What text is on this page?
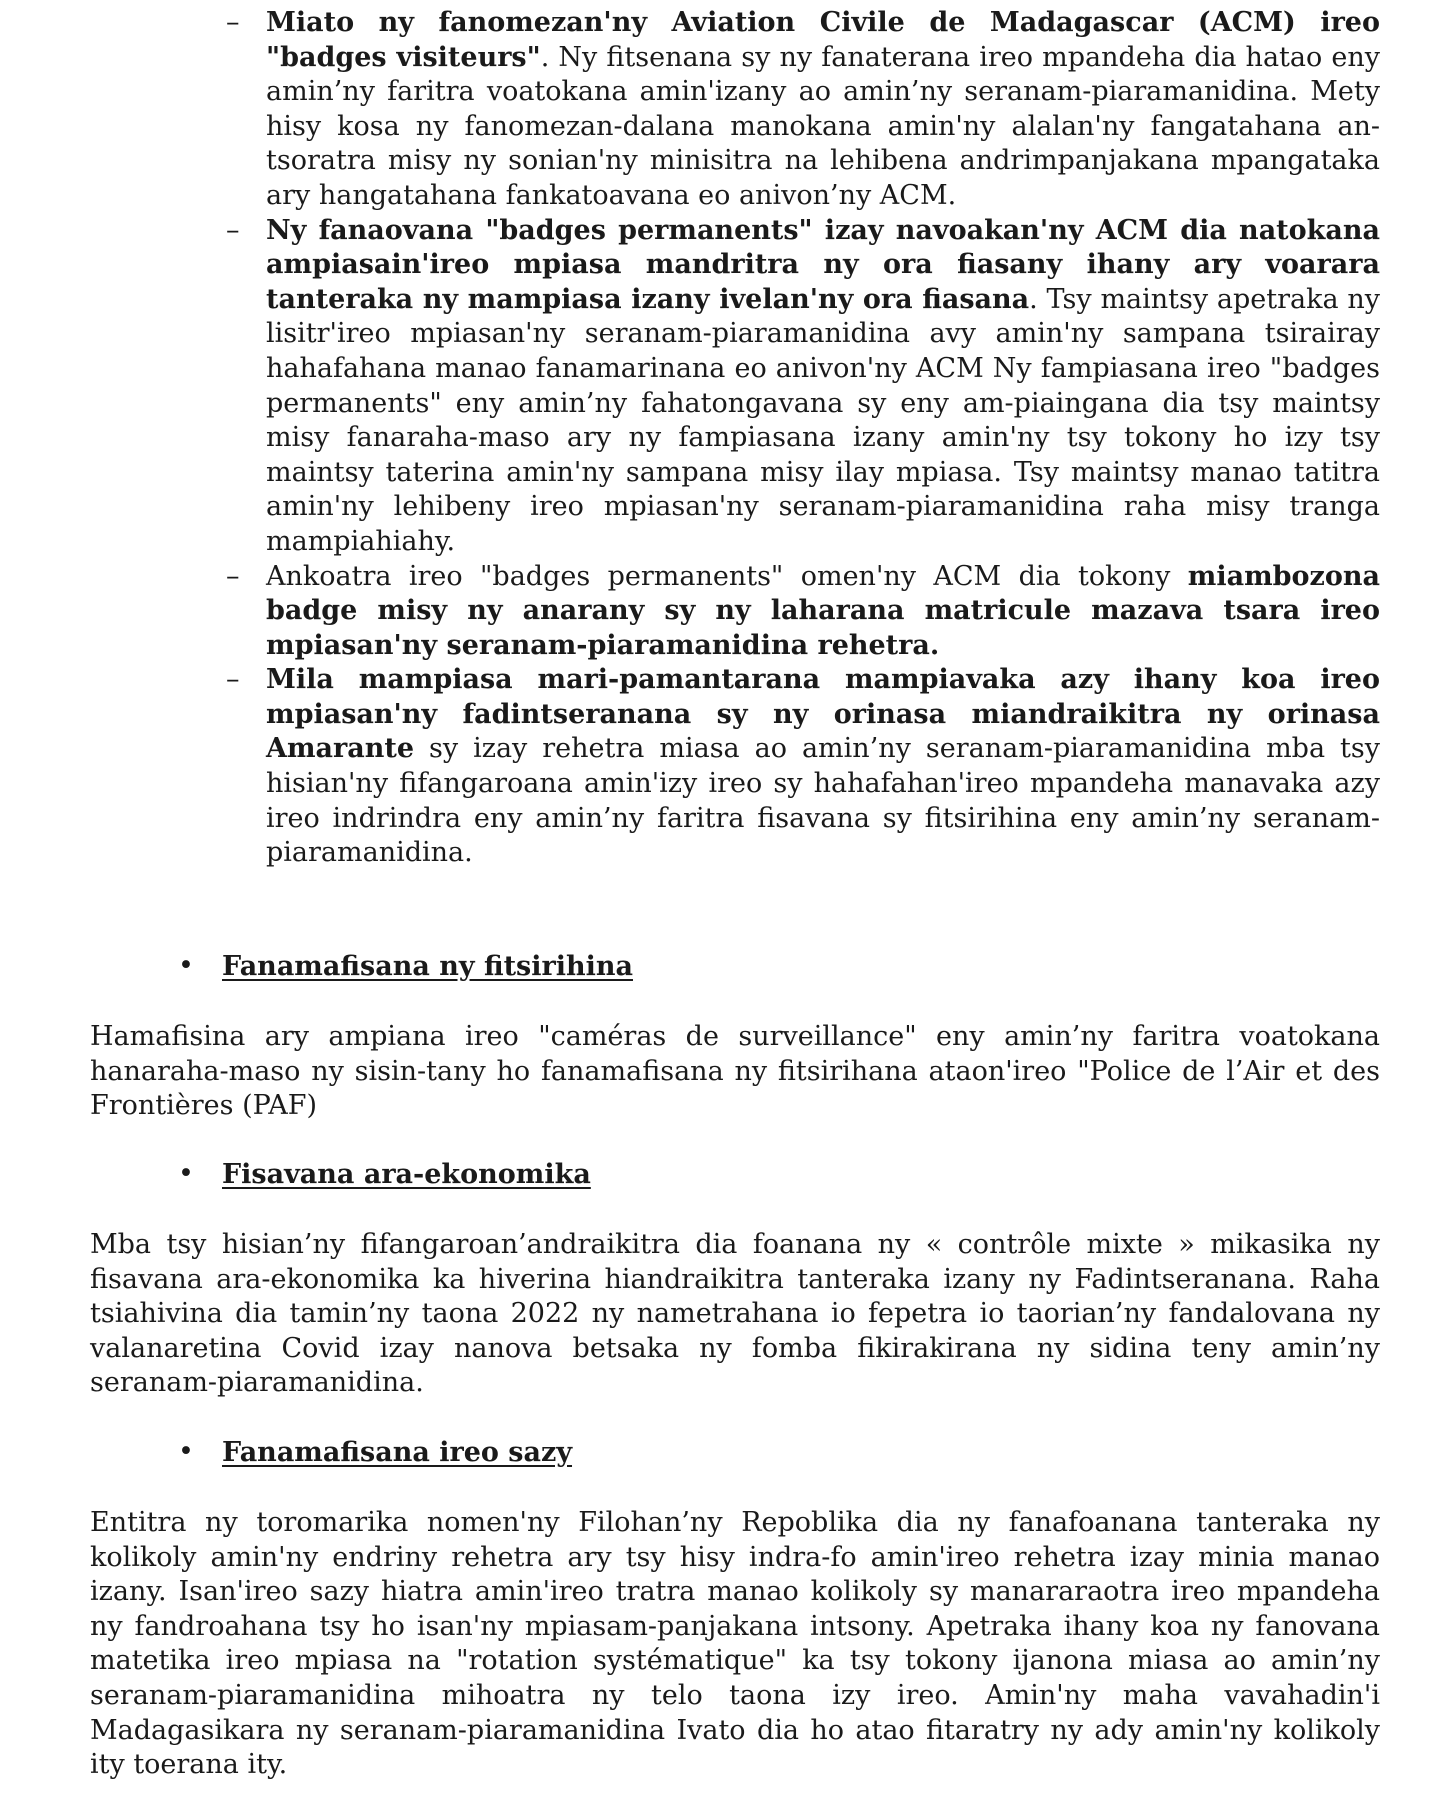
– Miato ny fanomezan'ny Aviation Civile de Madagascar (ACM) ireo "badges visiteurs". Ny fitsenana sy ny fanaterana ireo mpandeha dia hatao eny amin’ny faritra voatokana amin'izany ao amin’ny seranam-piaramanidina. Mety hisy kosa ny fanomezan-dalana manokana amin'ny alalan'ny fangatahana an-tsoratra misy ny sonian'ny minisitra na lehibena andrimpanjakana mpangataka ary hangatahana fankatoavana eo anivon’ny ACM.
– Ny fanaovana "badges permanents" izay navoakan'ny ACM dia natokana ampiasain'ireo mpiasa mandritra ny ora fiasany ihany ary voarara tanteraka ny mampiasa izany ivelan'ny ora fiasana. Tsy maintsy apetraka ny lisitr'ireo mpiasan'ny seranam-piaramanidina avy amin'ny sampana tsirairay hahafahana manao fanamarinana eo anivon'ny ACM Ny fampiasana ireo "badges permanents" eny amin’ny fahatongavana sy eny am-piaingana dia tsy maintsy misy fanaraha-maso ary ny fampiasana izany amin'ny tsy tokony ho izy tsy maintsy taterina amin'ny sampana misy ilay mpiasa. Tsy maintsy manao tatitra amin'ny lehibeny ireo mpiasan'ny seranam-piaramanidina raha misy tranga mampiahiahy.
– Ankoatra ireo "badges permanents" omen'ny ACM dia tokony miambozona badge misy ny anarany sy ny laharana matricule mazava tsara ireo mpiasan'ny seranam-piaramanidina rehetra.
– Mila mampiasa mari-pamantarana mampiavaka azy ihany koa ireo mpiasan'ny fadintseranana sy ny orinasa miandraikitra ny orinasa Amarante sy izay rehetra miasa ao amin’ny seranam-piaramanidina mba tsy hisian'ny fifangaroana amin'izy ireo sy hahafahan'ireo mpandeha manavaka azy ireo indrindra eny amin’ny faritra fisavana sy fitsirihina eny amin’ny seranam-piaramanidina.
• Fanamafisana ny fitsirihina

Hamafisina ary ampiana ireo "caméras de surveillance" eny amin’ny faritra voatokana hanaraha-maso ny sisin-tany ho fanamafisana ny fitsirihana ataon'ireo "Police de l’Air et des Frontières (PAF)

• Fisavana ara-ekonomika

Mba tsy hisian’ny fifangaroan’andraikitra dia foanana ny « contrôle mixte » mikasika ny fisavana ara-ekonomika ka hiverina hiandraikitra tanteraka izany ny Fadintseranana. Raha tsiahivina dia tamin’ny taona 2022 ny nametrahana io fepetra io taorian’ny fandalovana ny valanaretina Covid izay nanova betsaka ny fomba fikirakirana ny sidina teny amin’ny seranam-piaramanidina.

• Fanamafisana ireo sazy

Entitra ny toromarika nomen'ny Filohan’ny Repoblika dia ny fanafoanana tanteraka ny kolikoly amin'ny endriny rehetra ary tsy hisy indra-fo amin'ireo rehetra izay minia manao izany. Isan'ireo sazy hiatra amin'ireo tratra manao kolikoly sy manararaotra ireo mpandeha ny fandroahana tsy ho isan'ny mpiasam-panjakana intsony. Apetraka ihany koa ny fanovana matetika ireo mpiasa na "rotation systématique" ka tsy tokony ijanona miasa ao amin’ny seranam-piaramanidina mihoatra ny telo taona izy ireo. Amin'ny maha vavahadin'i Madagasikara ny seranam-piaramanidina Ivato dia ho atao fitaratry ny ady amin'ny kolikoly ity toerana ity.
